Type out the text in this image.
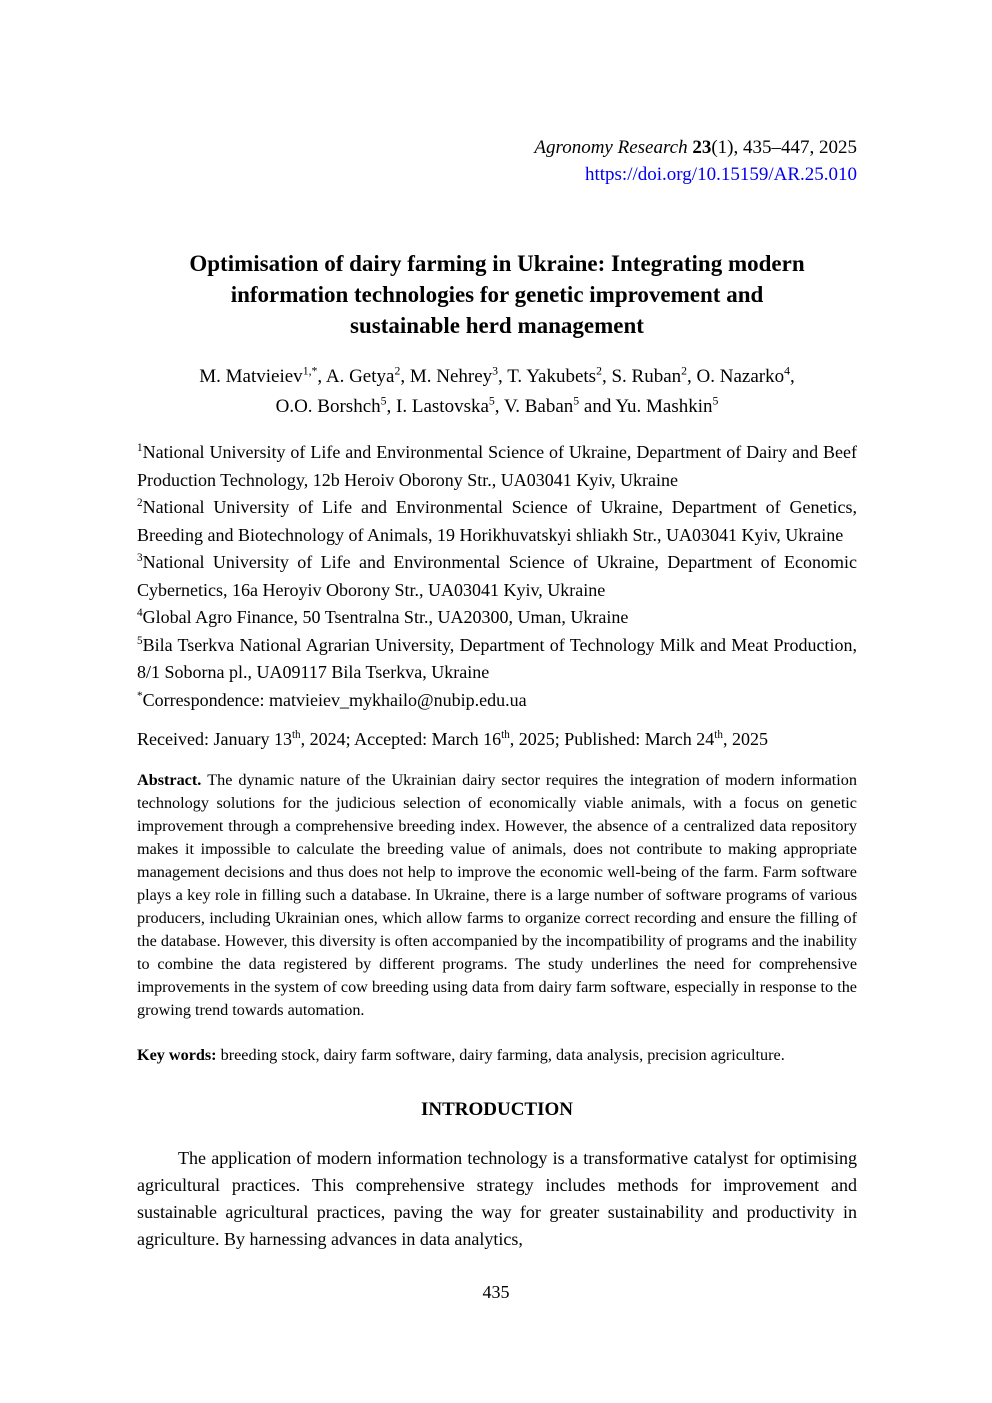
Agronomy Research 23(1), 435–447, 2025
https://doi.org/10.15159/AR.25.010
Optimisation of dairy farming in Ukraine: Integrating modern
information technologies for genetic improvement and
sustainable herd management
M. Matvieiev$^{1,*}$, A. Getya$^2$, M. Nehrey$^3$, T. Yakubets$^2$, S. Ruban$^2$, O. Nazarko$^4$,
O.O. Borshch$^5$, I. Lastovska$^5$, V. Baban$^5$ and Yu. Mashkin$^5$
$^1$National University of Life and Environmental Science of Ukraine, Department of Dairy and Beef Production Technology, 12b Heroiv Oborony Str., UA03041 Kyiv, Ukraine
$^2$National University of Life and Environmental Science of Ukraine, Department of Genetics, Breeding and Biotechnology of Animals, 19 Horikhuvatskyi shliakh Str., UA03041 Kyiv, Ukraine
$^3$National University of Life and Environmental Science of Ukraine, Department of Economic Cybernetics, 16a Heroyiv Oborony Str., UA03041 Kyiv, Ukraine
$^4$Global Agro Finance, 50 Tsentralna Str., UA20300, Uman, Ukraine
$^5$Bila Tserkva National Agrarian University, Department of Technology Milk and Meat Production, 8/1 Soborna pl., UA09117 Bila Tserkva, Ukraine
*Correspondence: matvieiev_mykhailo@nubip.edu.ua
Received: January 13th, 2024; Accepted: March 16th, 2025; Published: March 24th, 2025
Abstract. The dynamic nature of the Ukrainian dairy sector requires the integration of modern information technology solutions for the judicious selection of economically viable animals, with a focus on genetic improvement through a comprehensive breeding index. However, the absence of a centralized data repository makes it impossible to calculate the breeding value of animals, does not contribute to making appropriate management decisions and thus does not help to improve the economic well-being of the farm. Farm software plays a key role in filling such a database. In Ukraine, there is a large number of software programs of various producers, including Ukrainian ones, which allow farms to organize correct recording and ensure the filling of the database. However, this diversity is often accompanied by the incompatibility of programs and the inability to combine the data registered by different programs. The study underlines the need for comprehensive improvements in the system of cow breeding using data from dairy farm software, especially in response to the growing trend towards automation.
Key words: breeding stock, dairy farm software, dairy farming, data analysis, precision agriculture.
INTRODUCTION
The application of modern information technology is a transformative catalyst for optimising agricultural practices. This comprehensive strategy includes methods for improvement and sustainable agricultural practices, paving the way for greater sustainability and productivity in agriculture. By harnessing advances in data analytics,
435
